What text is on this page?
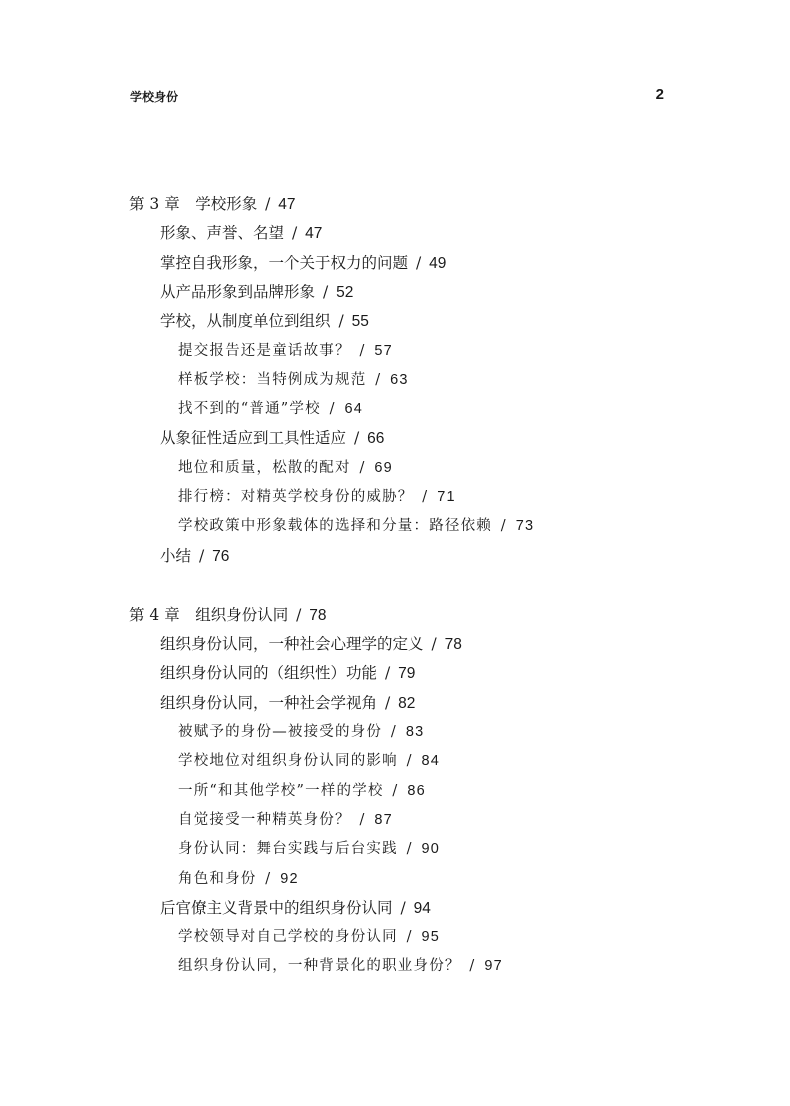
学校身份	2
第 3 章　学校形象 / 47
形象、声誉、名望 / 47
掌控自我形象，一个关于权力的问题 / 49
从产品形象到品牌形象 / 52
学校，从制度单位到组织 / 55
提交报告还是童话故事？ / 57
样板学校：当特例成为规范 / 63
找不到的“普通”学校 / 64
从象征性适应到工具性适应 / 66
地位和质量，松散的配对 / 69
排行榜：对精英学校身份的威胁？ / 71
学校政策中形象载体的选择和分量：路径依赖 / 73
小结 / 76
第 4 章　组织身份认同 / 78
组织身份认同，一种社会心理学的定义 / 78
组织身份认同的（组织性）功能 / 79
组织身份认同，一种社会学视角 / 82
被赋予的身份—被接受的身份 / 83
学校地位对组织身份认同的影响 / 84
一所“和其他学校”一样的学校 / 86
自觉接受一种精英身份？ / 87
身份认同：舞台实践与后台实践 / 90
角色和身份 / 92
后官僚主义背景中的组织身份认同 / 94
学校领导对自己学校的身份认同 / 95
组织身份认同，一种背景化的职业身份？ / 97
